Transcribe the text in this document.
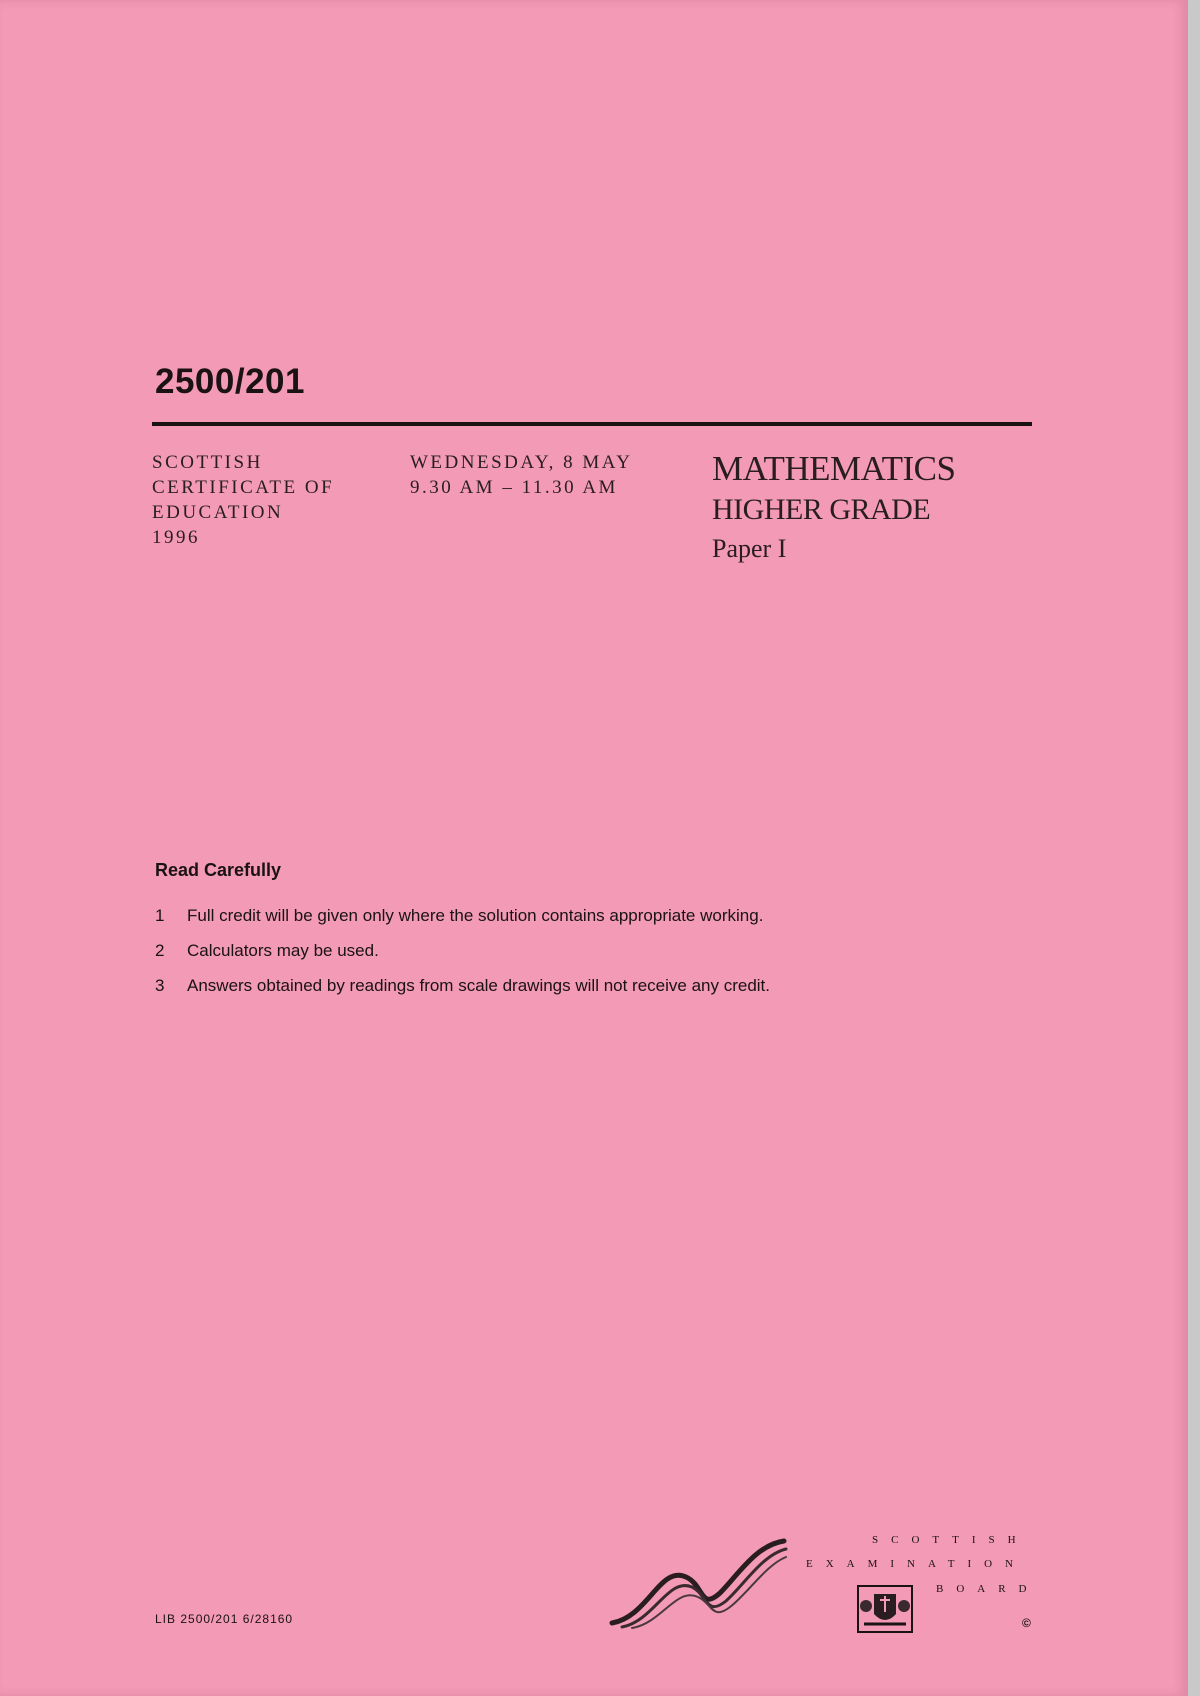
2500/201
SCOTTISH
CERTIFICATE OF
EDUCATION
1996
WEDNESDAY, 8 MAY
9.30 AM – 11.30 AM	MATHEMATICS
HIGHER GRADE
Paper I
Read Carefully
1	Full credit will be given only where the solution contains appropriate working.
2	Calculators may be used.
3	Answers obtained by readings from scale drawings will not receive any credit.
LIB 2500/201 6/28160
SCOTTISH
EXAMINATION
BOARD
©
